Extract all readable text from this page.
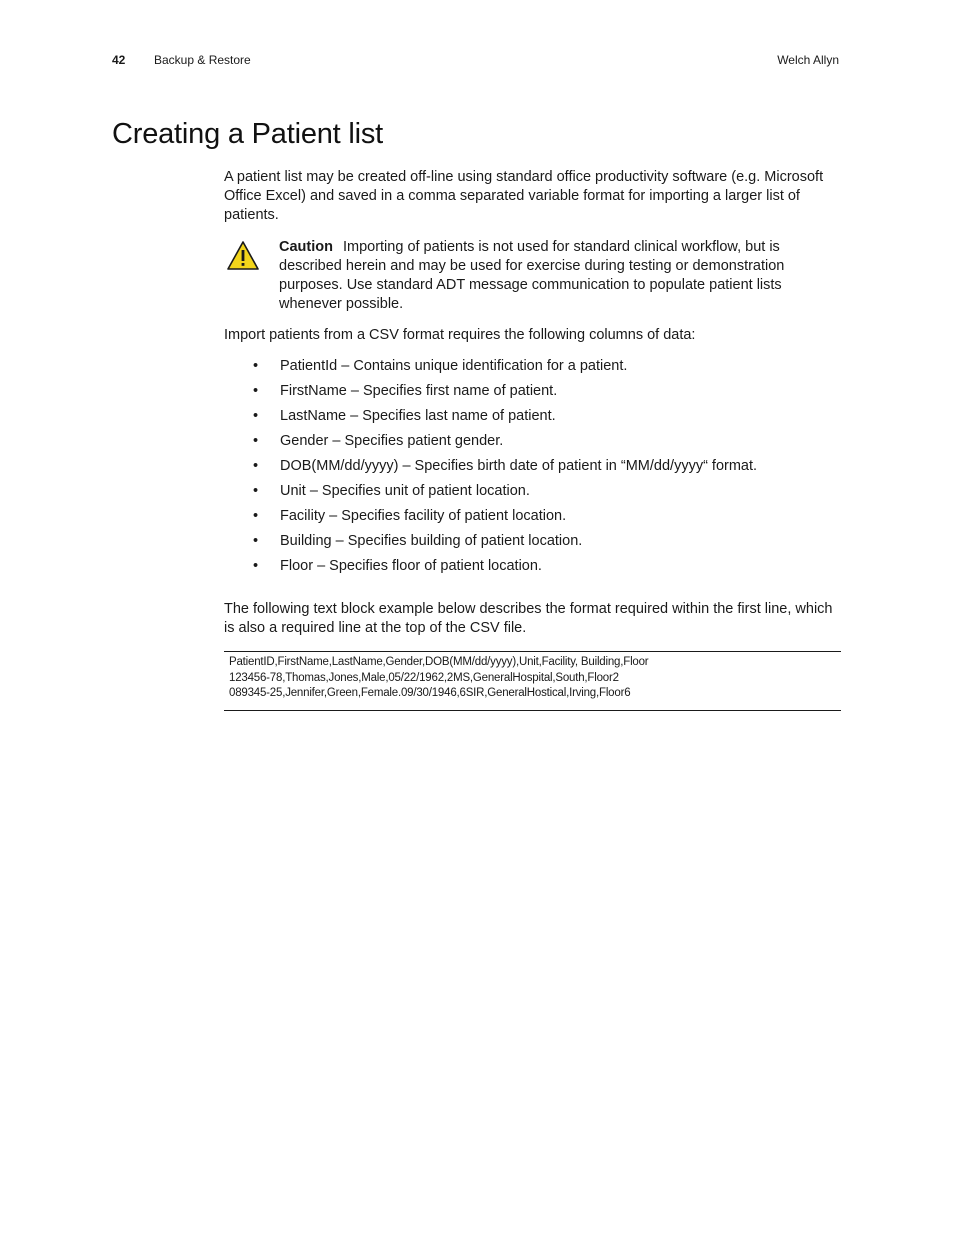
42 Backup & Restore	Welch Allyn
Creating a Patient list

A patient list may be created off-line using standard office productivity software (e.g. Microsoft Office Excel) and saved in a comma separated variable format for importing a larger list of patients.

Caution Importing of patients is not used for standard clinical workflow, but is described herein and may be used for exercise during testing or demonstration purposes. Use standard ADT message communication to populate patient lists whenever possible.

Import patients from a CSV format requires the following columns of data:

• PatientId – Contains unique identification for a patient.
• FirstName – Specifies first name of patient.
• LastName – Specifies last name of patient.
• Gender – Specifies patient gender.
• DOB(MM/dd/yyyy) – Specifies birth date of patient in “MM/dd/yyyy“ format.
• Unit – Specifies unit of patient location.
• Facility – Specifies facility of patient location.
• Building – Specifies building of patient location.
• Floor – Specifies floor of patient location.

The following text block example below describes the format required within the first line, which is also a required line at the top of the CSV file.

PatientID,FirstName,LastName,Gender,DOB(MM/dd/yyyy),Unit,Facility, Building,Floor
123456-78,Thomas,Jones,Male,05/22/1962,2MS,GeneralHospital,South,Floor2
089345-25,Jennifer,Green,Female.09/30/1946,6SIR,GeneralHostical,Irving,Floor6
